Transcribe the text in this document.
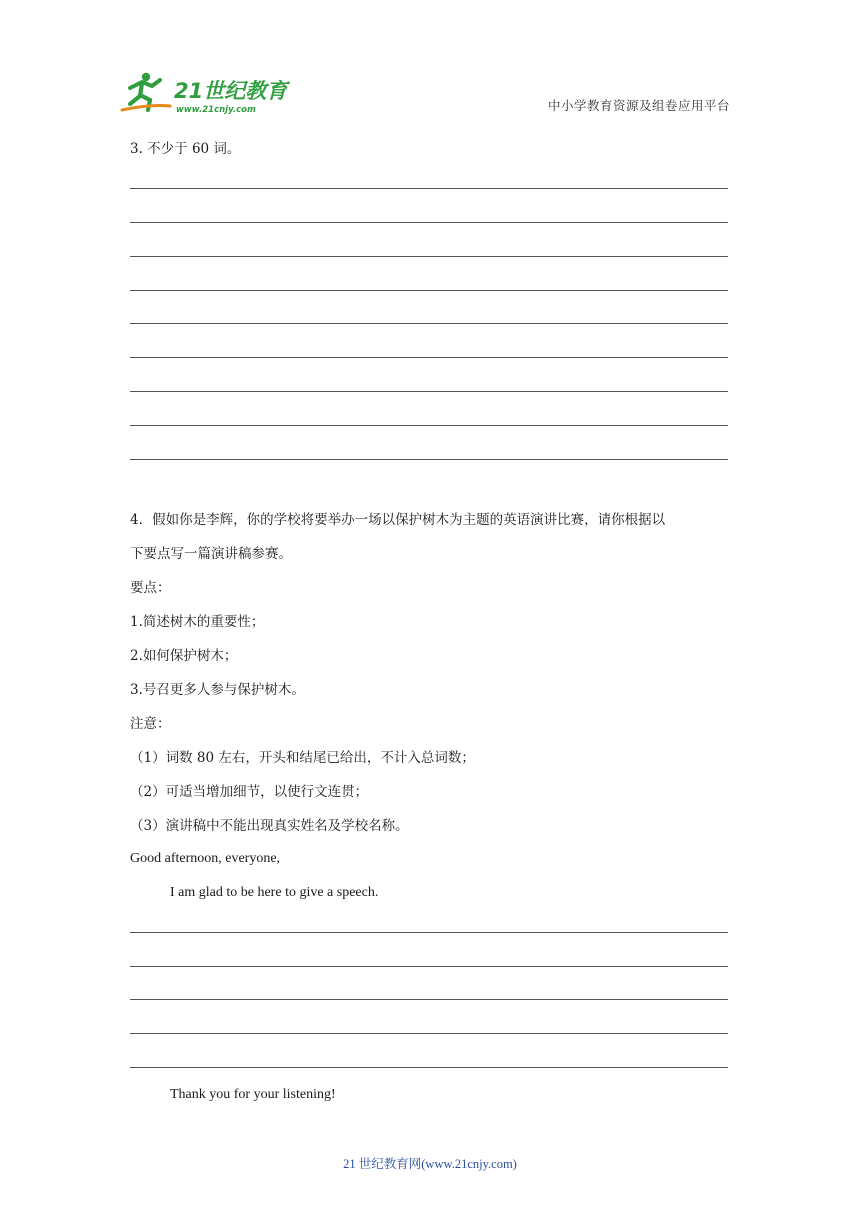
21世纪教育
www.21cnjy.com	中小学教育资源及组卷应用平台
3. 不少于 60 词。
4．假如你是李辉，你的学校将要举办一场以保护树木为主题的英语演讲比赛，请你根据以
下要点写一篇演讲稿参赛。
要点：
1.简述树木的重要性；
2.如何保护树木；
3.号召更多人参与保护树木。
注意：
（1）词数 80 左右，开头和结尾已给出，不计入总词数；
（2）可适当增加细节，以使行文连贯；
（3）演讲稿中不能出现真实姓名及学校名称。
Good afternoon, everyone,
I am glad to be here to give a speech.
Thank you for your listening!
21 世纪教育网(www.21cnjy.com)
